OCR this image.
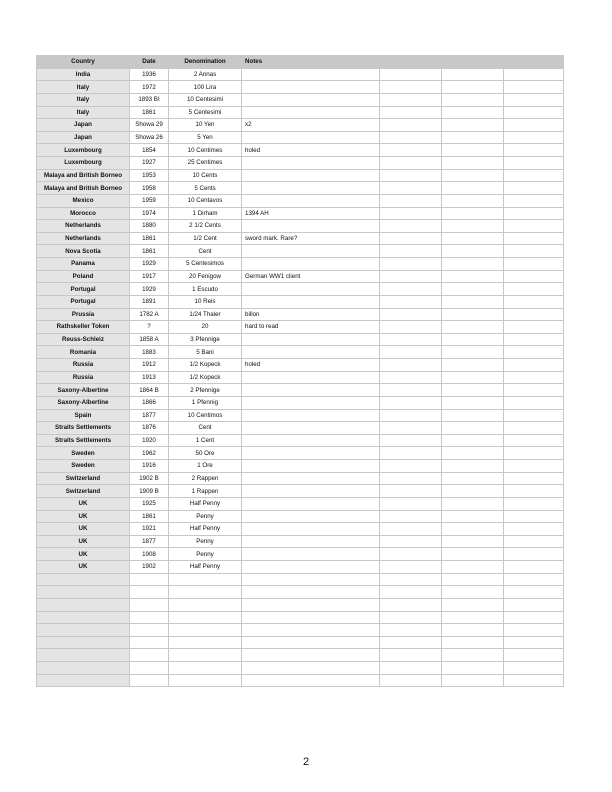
Country	Date	Denomination	Notes			
India	1936	2 Annas				
Italy	1972	100 Lira				
Italy	1893 BI	10 Centesimi				
Italy	1861	5 Centesimi				
Japan	Showa 29	10 Yen	x2			
Japan	Showa 26	5 Yen				
Luxembourg	1854	10 Centimes	holed			
Luxembourg	1927	25 Centimes				
Malaya and British Borneo	1953	10 Cents				
Malaya and British Borneo	1958	5 Cents				
Mexico	1959	10 Centavos				
Morocco	1974	1 Dirham	1394 AH			
Netherlands	1880	2 1/2 Cents				
Netherlands	1861	1/2 Cent	sword mark. Rare?			
Nova Scotia	1861	Cent				
Panama	1929	5 Centesimos				
Poland	1917	20 Fenigow	German WW1 client			
Portugal	1929	1 Escudo				
Portugal	1891	10 Reis				
Prussia	1782 A	1/24 Thaler	billon			
Rathskeller Token	?	20	hard to read			
Reuss-Schleiz	1858 A	3 Pfennige				
Romania	1883	5 Bani				
Russia	1912	1/2 Kopeck	holed			
Russia	1913	1/2 Kopeck				
Saxony-Albertine	1864 B	2 Pfennige				
Saxony-Albertine	1866	1 Pfennig				
Spain	1877	10 Centimos				
Straits Settlements	1876	Cent				
Straits Settlements	1920	1 Cent				
Sweden	1962	50 Ore				
Sweden	1916	1 Ore				
Switzerland	1902 B	2 Rappen				
Switzerland	1909 B	1 Rappen				
UK	1925	Half Penny				
UK	1861	Penny				
UK	1921	Half Penny				
UK	1877	Penny				
UK	1908	Penny				
UK	1902	Half Penny				

2
